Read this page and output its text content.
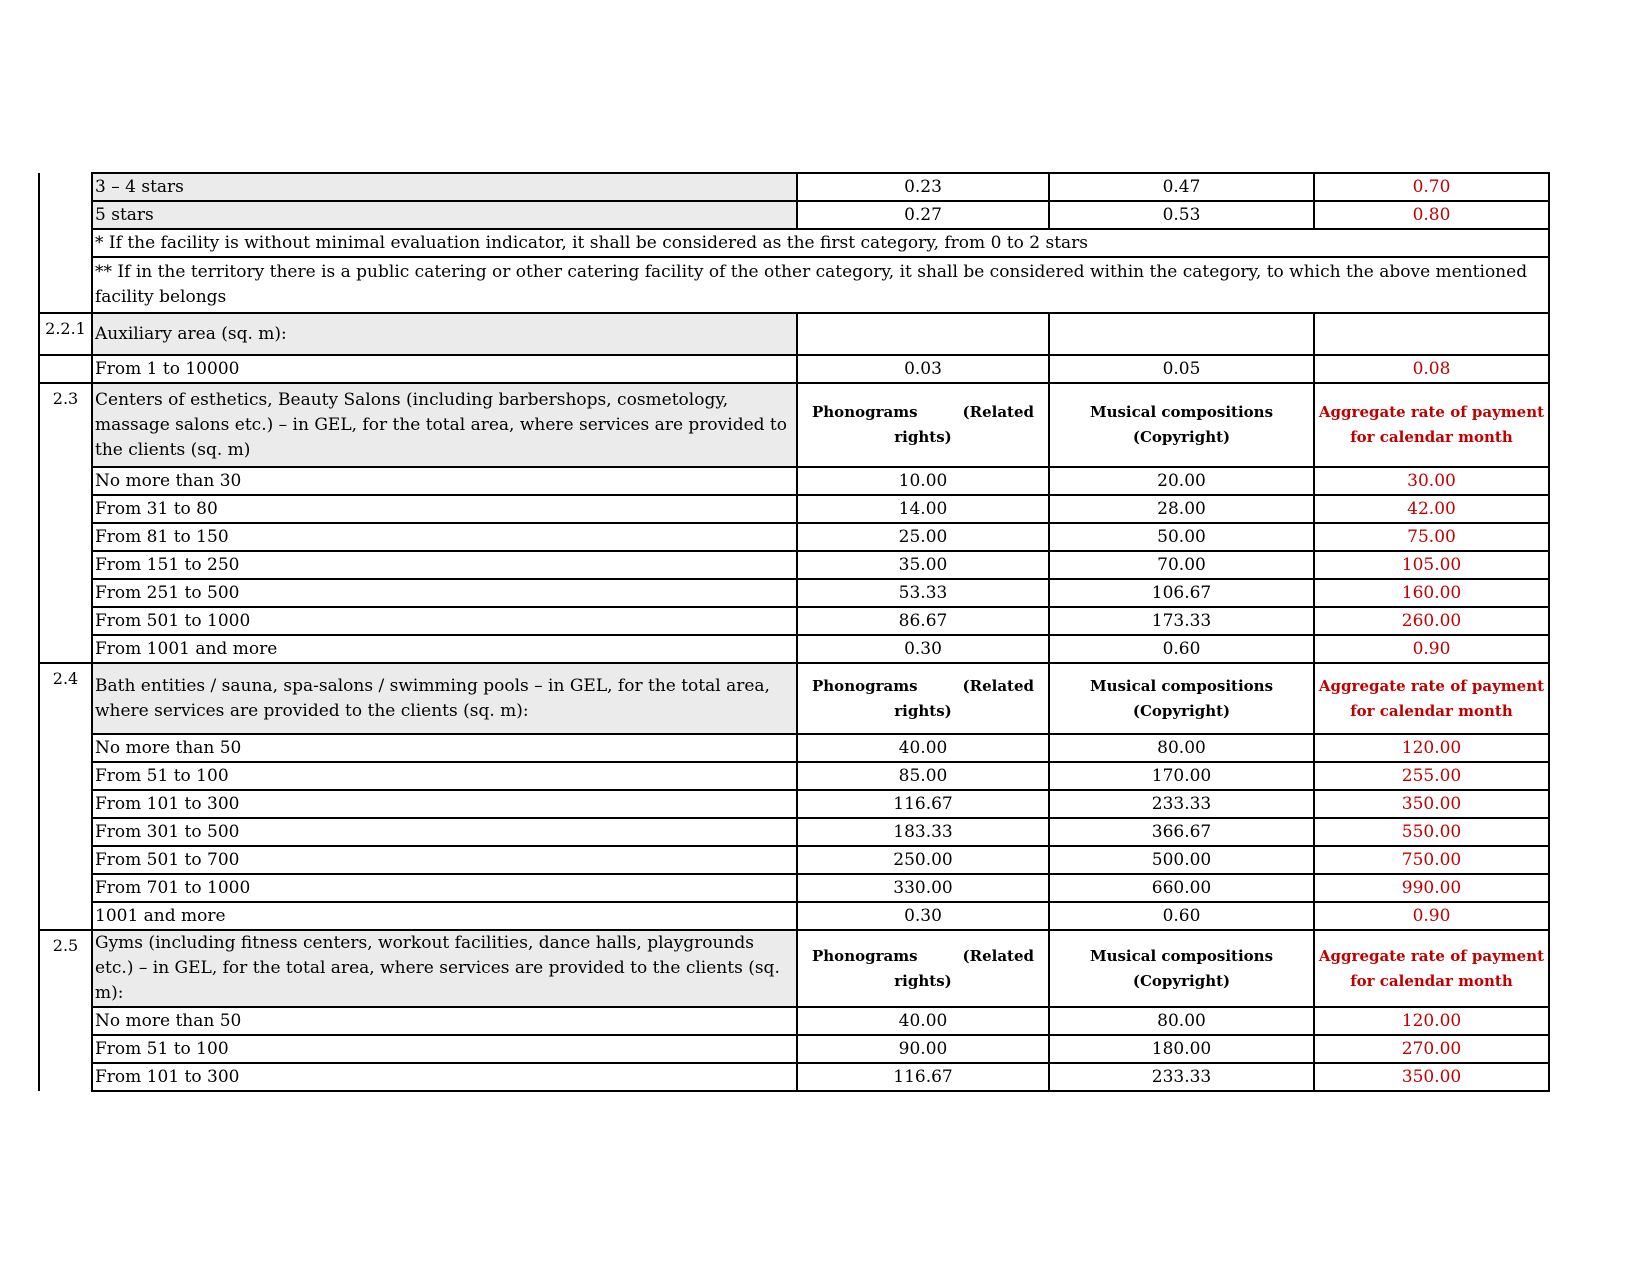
	3 – 4 stars	0.23	0.47	0.70
	5 stars	0.27	0.53	0.80
	* If the facility is without minimal evaluation indicator, it shall be considered as the first category, from 0 to 2 stars			
	** If in the territory there is a public catering or other catering facility of the other category, it shall be considered within the category, to which the above mentioned facility belongs			
2.2.1	Auxiliary area (sq. m):			
	From 1 to 10000	0.03	0.05	0.08
2.3	Centers of esthetics, Beauty Salons (including barbershops, cosmetology, massage salons etc.) – in GEL, for the total area, where services are provided to the clients (sq. m)	Phonograms (Related rights)	Musical compositions (Copyright)	Aggregate rate of payment for calendar month
	No more than 30	10.00	20.00	30.00
	From 31 to 80	14.00	28.00	42.00
	From 81 to 150	25.00	50.00	75.00
	From 151 to 250	35.00	70.00	105.00
	From 251 to 500	53.33	106.67	160.00
	From 501 to 1000	86.67	173.33	260.00
	From 1001 and more	0.30	0.60	0.90
2.4	Bath entities / sauna, spa-salons / swimming pools – in GEL, for the total area, where services are provided to the clients (sq. m):	Phonograms (Related rights)	Musical compositions (Copyright)	Aggregate rate of payment for calendar month
	No more than 50	40.00	80.00	120.00
	From 51 to 100	85.00	170.00	255.00
	From 101 to 300	116.67	233.33	350.00
	From 301 to 500	183.33	366.67	550.00
	From 501 to 700	250.00	500.00	750.00
	From 701 to 1000	330.00	660.00	990.00
	1001 and more	0.30	0.60	0.90
2.5	Gyms (including fitness centers, workout facilities, dance halls, playgrounds etc.) – in GEL, for the total area, where services are provided to the clients (sq. m):	Phonograms (Related rights)	Musical compositions (Copyright)	Aggregate rate of payment for calendar month
	No more than 50	40.00	80.00	120.00
	From 51 to 100	90.00	180.00	270.00
	From 101 to 300	116.67	233.33	350.00
